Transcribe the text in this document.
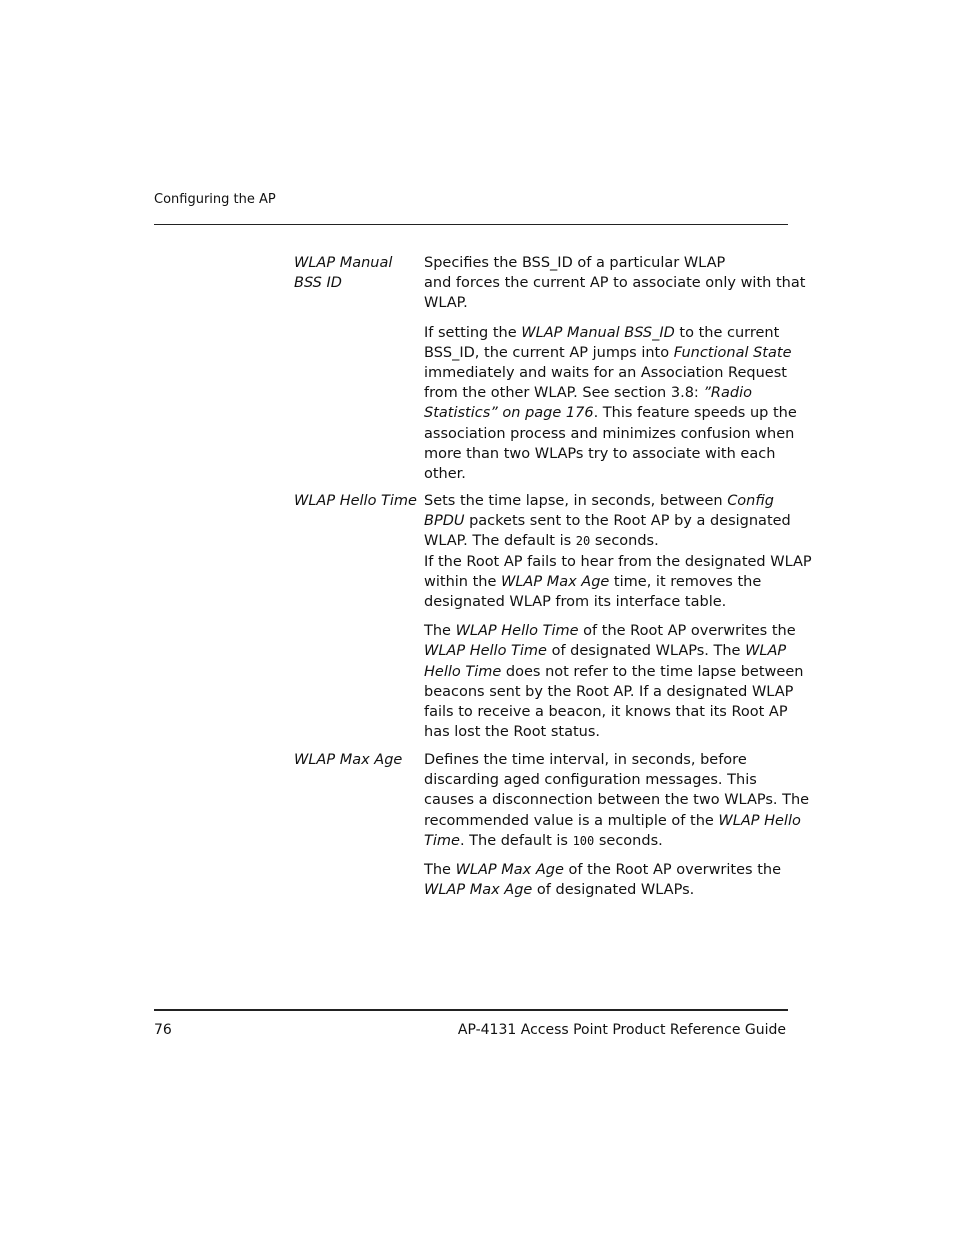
Configuring the AP
WLAP Manual
BSS ID

Specifies the BSS_ID of a particular WLAP
and forces the current AP to associate only with that
WLAP.

If setting the WLAP Manual BSS_ID to the current
BSS_ID, the current AP jumps into Functional State
immediately and waits for an Association Request
from the other WLAP. See section 3.8: ”Radio
Statistics” on page 176. This feature speeds up the
association process and minimizes confusion when
more than two WLAPs try to associate with each
other.

WLAP Hello Time Sets the time lapse, in seconds, between Config
BPDU packets sent to the Root AP by a designated
WLAP. The default is 20 seconds.
If the Root AP fails to hear from the designated WLAP
within the WLAP Max Age time, it removes the
designated WLAP from its interface table.

The WLAP Hello Time of the Root AP overwrites the
WLAP Hello Time of designated WLAPs. The WLAP
Hello Time does not refer to the time lapse between
beacons sent by the Root AP. If a designated WLAP
fails to receive a beacon, it knows that its Root AP
has lost the Root status.

WLAP Max Age	Defines the time interval, in seconds, before
discarding aged configuration messages. This
causes a disconnection between the two WLAPs. The
recommended value is a multiple of the WLAP Hello
Time. The default is 100 seconds.

The WLAP Max Age of the Root AP overwrites the
WLAP Max Age of designated WLAPs.

76	AP-4131 Access Point Product Reference Guide
